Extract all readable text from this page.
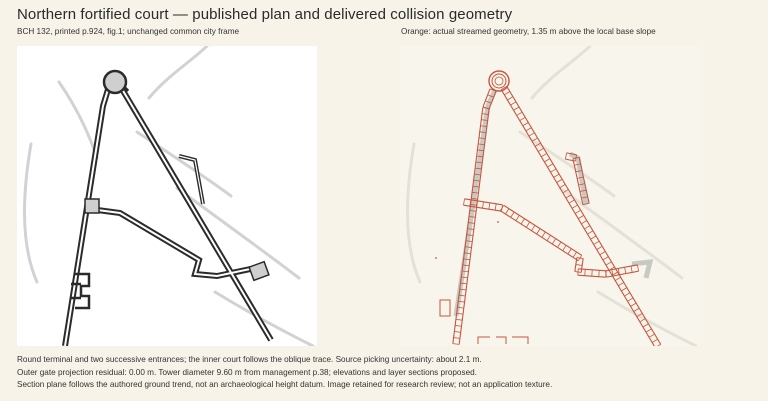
Northern fortified court — published plan and delivered collision geometry
BCH 132, printed p.924, fig.1; unchanged common city frame	Orange: actual streamed geometry, 1.35 m above the local base slope
Round terminal and two successive entrances; the inner court follows the oblique trace. Source picking uncertainty: about 2.1 m.
Outer gate projection residual: 0.00 m. Tower diameter 9.60 m from management p.38; elevations and layer sections proposed.
Section plane follows the authored ground trend, not an archaeological height datum. Image retained for research review; not an application texture.
